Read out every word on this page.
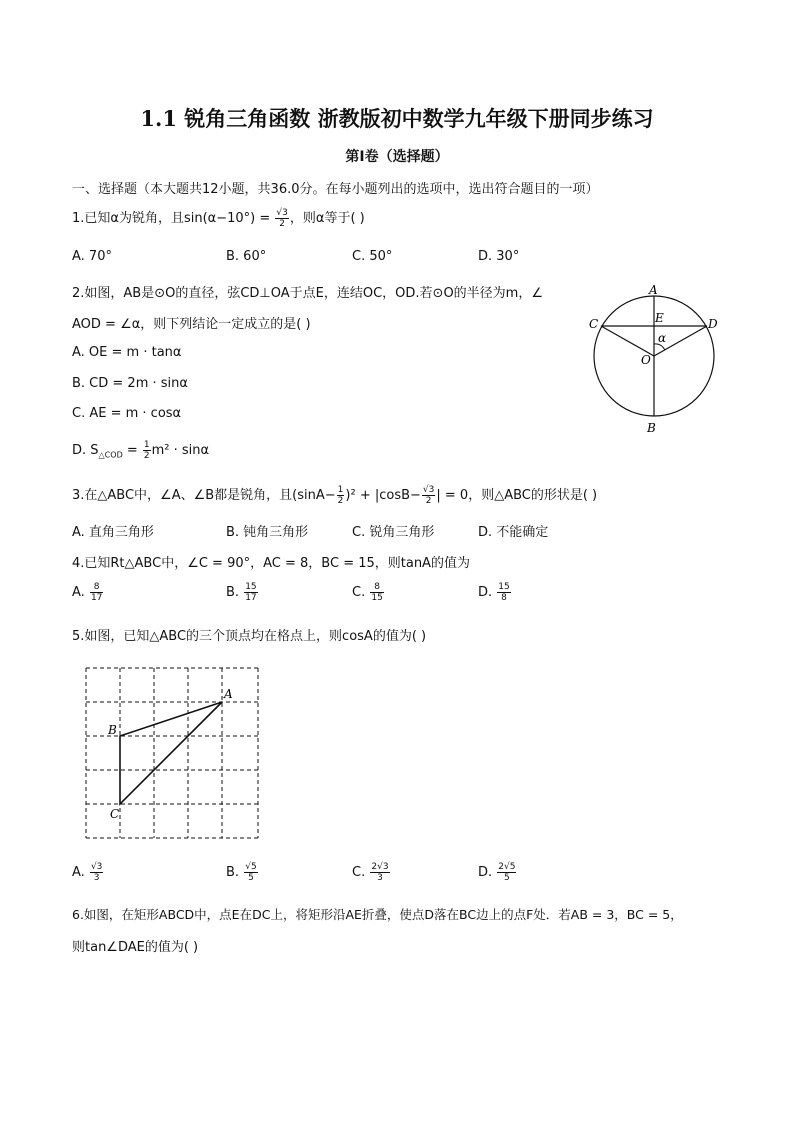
1.1 锐角三角函数 浙教版初中数学九年级下册同步练习
第Ⅰ卷（选择题）
一、选择题（本大题共12小题，共36.0分。在每小题列出的选项中，选出符合题目的一项）
1.已知α为锐角，且$\sin(\alpha-10^\circ) = \frac{√3}{2}$ ，则α等于( )
A. 70°	B. 60°	C. 50°	D. 30°
2.如图，AB是⊙O的直径，弦CD⊥OA于点E，连结OC，OD.若⊙O的半径为m，∠
AOD = ∠α，则下列结论一定成立的是( )
A. OE = m · tanα
B. CD = 2m · sinα
C. AE = m · cosα
D. $S_{\triangle COD} = \frac{1}{2} m^2 \cdot \sin\alpha$
A
B
C	D
E
O
α
3.在△ABC中，∠A、∠B都是锐角，且$(\sin A- \frac{1}{2} )^2 + |\cos B- \frac{√3}{2}$ | = 0，则△ABC的形状是( )
A. 直角三角形	B. 钝角三角形	C. 锐角三角形	D. 不能确定
4.已知Rt△ABC中，∠C = 90°，AC = 8，BC = 15，则tanA的值为
A. $\frac{8}{17}$	B. $\frac{15}{17}$	C. $\frac{8}{15}$	D. $\frac{15}{8}$
5.如图，已知△ABC的三个顶点均在格点上，则cosA的值为( )
A
B
C
A. $\frac{√3}{3}$	B. $\frac{√5}{5}$	C. $\frac{2√3}{3}$	D. $\frac{2√5}{5}$
6.如图，在矩形ABCD中，点E在DC上，将矩形沿AE折叠，使点D落在BC边上的点F处．若AB = 3，BC = 5，
则tan∠DAE的值为( )
